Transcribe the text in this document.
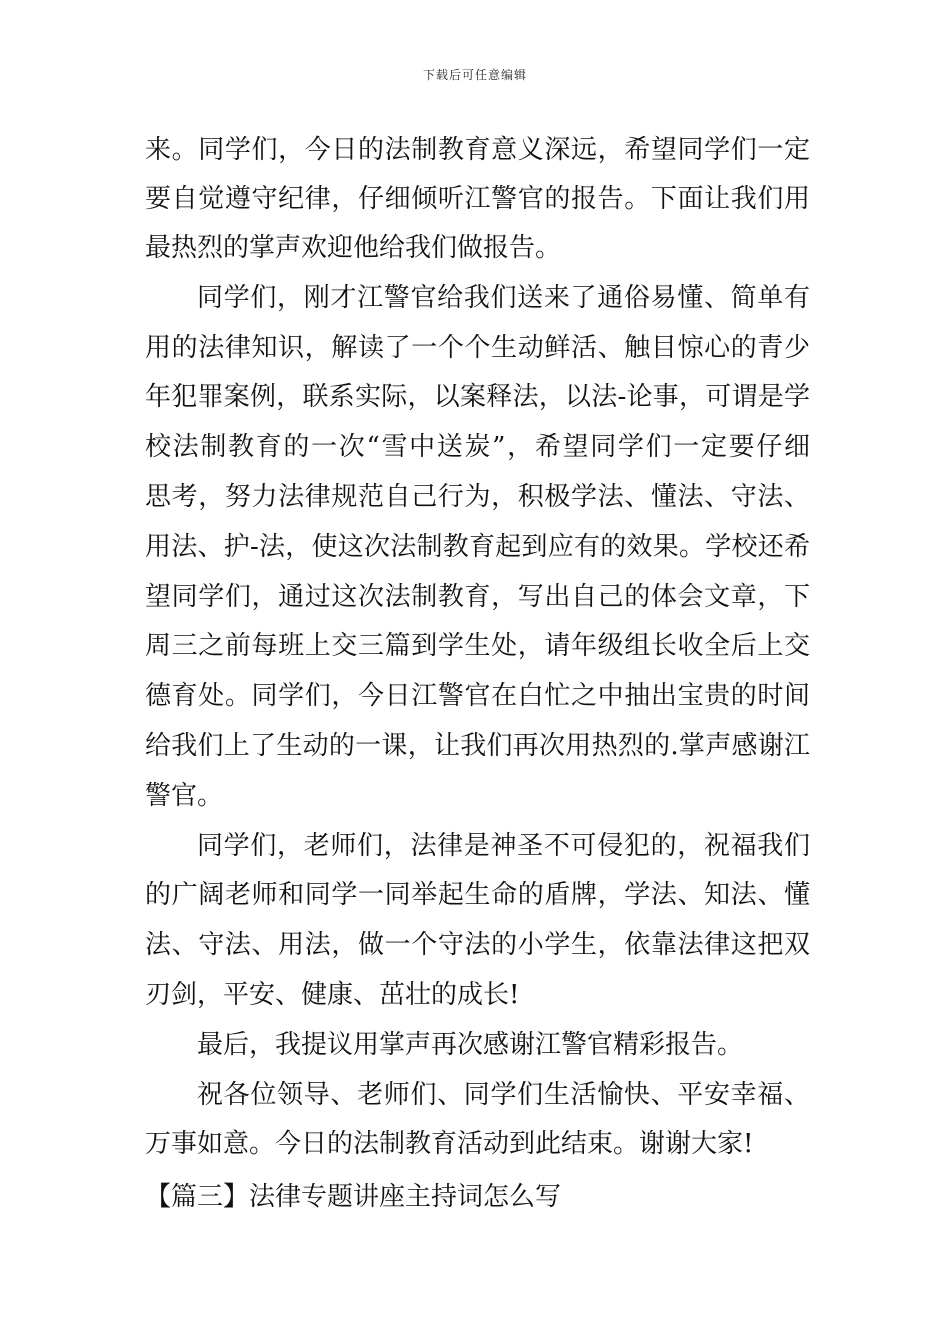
下载后可任意编辑
来。同学们，今日的法制教育意义深远，希望同学们一定
要自觉遵守纪律，仔细倾听江警官的报告。下面让我们用
最热烈的掌声欢迎他给我们做报告。
同学们，刚才江警官给我们送来了通俗易懂、简单有
用的法律知识，解读了一个个生动鲜活、触目惊心的青少
年犯罪案例，联系实际，以案释法，以法-论事，可谓是学
校法制教育的一次“雪中送炭”，希望同学们一定要仔细
思考，努力法律规范自己行为，积极学法、懂法、守法、
用法、护-法，使这次法制教育起到应有的效果。学校还希
望同学们，通过这次法制教育，写出自己的体会文章，下
周三之前每班上交三篇到学生处，请年级组长收全后上交
德育处。同学们，今日江警官在白忙之中抽出宝贵的时间
给我们上了生动的一课，让我们再次用热烈的.掌声感谢江
警官。
同学们，老师们，法律是神圣不可侵犯的，祝福我们
的广阔老师和同学一同举起生命的盾牌，学法、知法、懂
法、守法、用法，做一个守法的小学生，依靠法律这把双
刃剑，平安、健康、茁壮的成长!
最后，我提议用掌声再次感谢江警官精彩报告。
祝各位领导、老师们、同学们生活愉快、平安幸福、
万事如意。今日的法制教育活动到此结束。谢谢大家!
【篇三】法律专题讲座主持词怎么写
